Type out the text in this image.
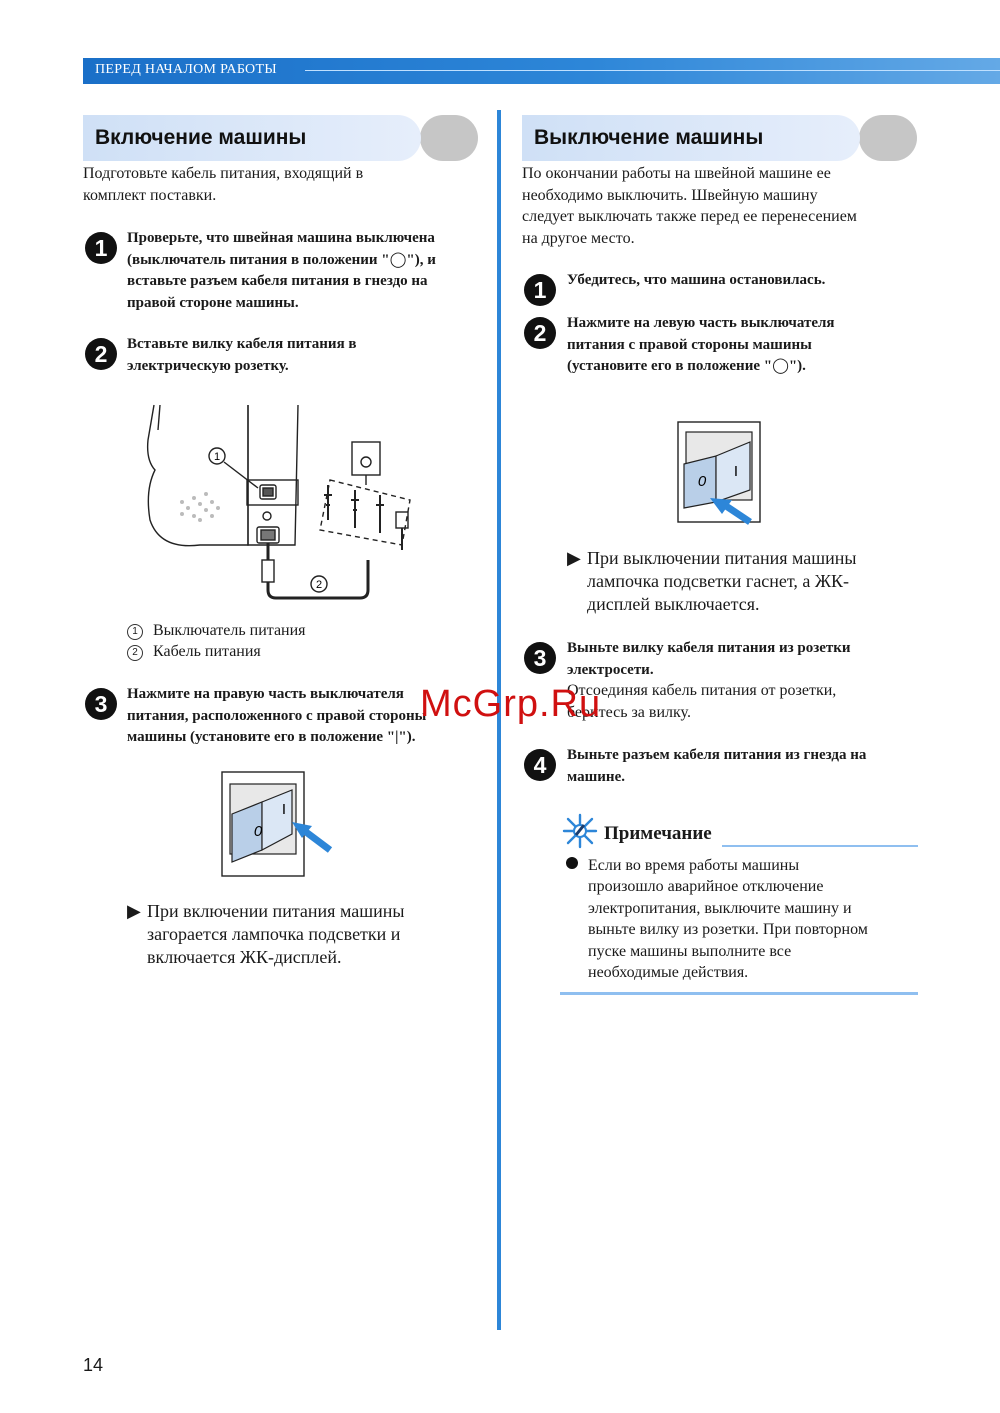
ПЕРЕД НАЧАЛОМ РАБОТЫ
Включение машины
Подготовьте кабель питания, входящий в комплект поставки.
1	Проверьте, что швейная машина выключена
(выключатель питания в положении "◯"), и
вставьте разъем кабеля питания в гнездо на
правой стороне машины.
2	Вставьте вилку кабеля питания в
электрическую розетку.
1
2
1 Выключатель питания
2 Кабель питания
3	Нажмите на правую часть выключателя
питания, расположенного с правой стороны
машины (установите его в положение "|").
0
I
▶ При включении питания машины
загорается лампочка подсветки и
включается ЖК-дисплей.
Выключение машины
По окончании работы на швейной машине ее
необходимо выключить. Швейную машину
следует выключать также перед ее перенесением
на другое место.
1	Убедитесь, что машина остановилась.
2	Нажмите на левую часть выключателя
питания с правой стороны машины
(установите его в положение "◯").
0
I
▶ При выключении питания машины
лампочка подсветки гаснет, а ЖК-
дисплей выключается.
3	Выньте вилку кабеля питания из розетки
электросети.
Отсоединяя кабель питания от розетки,
беритесь за вилку.
4	Выньте разъем кабеля питания из гнезда на
машине.
Примечание
Если во время работы машины
произошло аварийное отключение
электропитания, выключите машину и
выньте вилку из розетки. При повторном
пуске машины выполните все
необходимые действия.
McGrp.Ru
14
